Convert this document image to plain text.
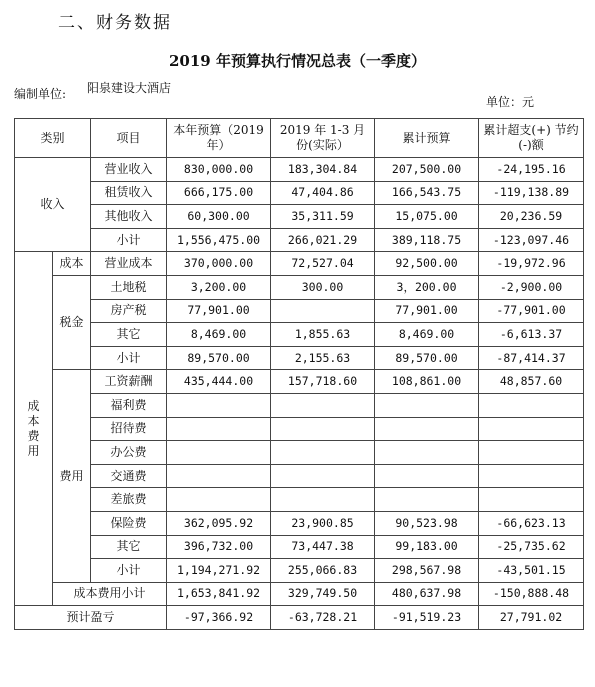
二、财务数据
2019 年预算执行情况总表（一季度）
编制单位: 阳泉建设大酒店
单位：元
类别		项目	本年预算（2019年）	2019 年 1-3 月份(实际）	累计预算	累计超支(+) 节约(-)额
收入		营业收入	830,000.00	183,304.84	207,500.00	-24,195.16
		租赁收入	666,175.00	47,404.86	166,543.75	-119,138.89
		其他收入	60,300.00	35,311.59	15,075.00	20,236.59
		小计	1,556,475.00	266,021.29	389,118.75	-123,097.46
成本费用	成本	营业成本	370,000.00	72,527.04	92,500.00	-19,972.96
	税金	土地税	3,200.00	300.00	3，200.00	-2,900.00
		房产税	77,901.00		77,901.00	-77,901.00
		其它	8,469.00	1,855.63	8,469.00	-6,613.37
		小计	89,570.00	2,155.63	89,570.00	-87,414.37
	费用	工资薪酬	435,444.00	157,718.60	108,861.00	48,857.60
		福利费				
		招待费				
		办公费				
		交通费				
		差旅费				
		保险费	362,095.92	23,900.85	90,523.98	-66,623.13
		其它	396,732.00	73,447.38	99,183.00	-25,735.62
		小计	1,194,271.92	255,066.83	298,567.98	-43,501.15
	成本费用小计		1,653,841.92	329,749.50	480,637.98	-150,888.48
预计盈亏			-97,366.92	-63,728.21	-91,519.23	27,791.02
